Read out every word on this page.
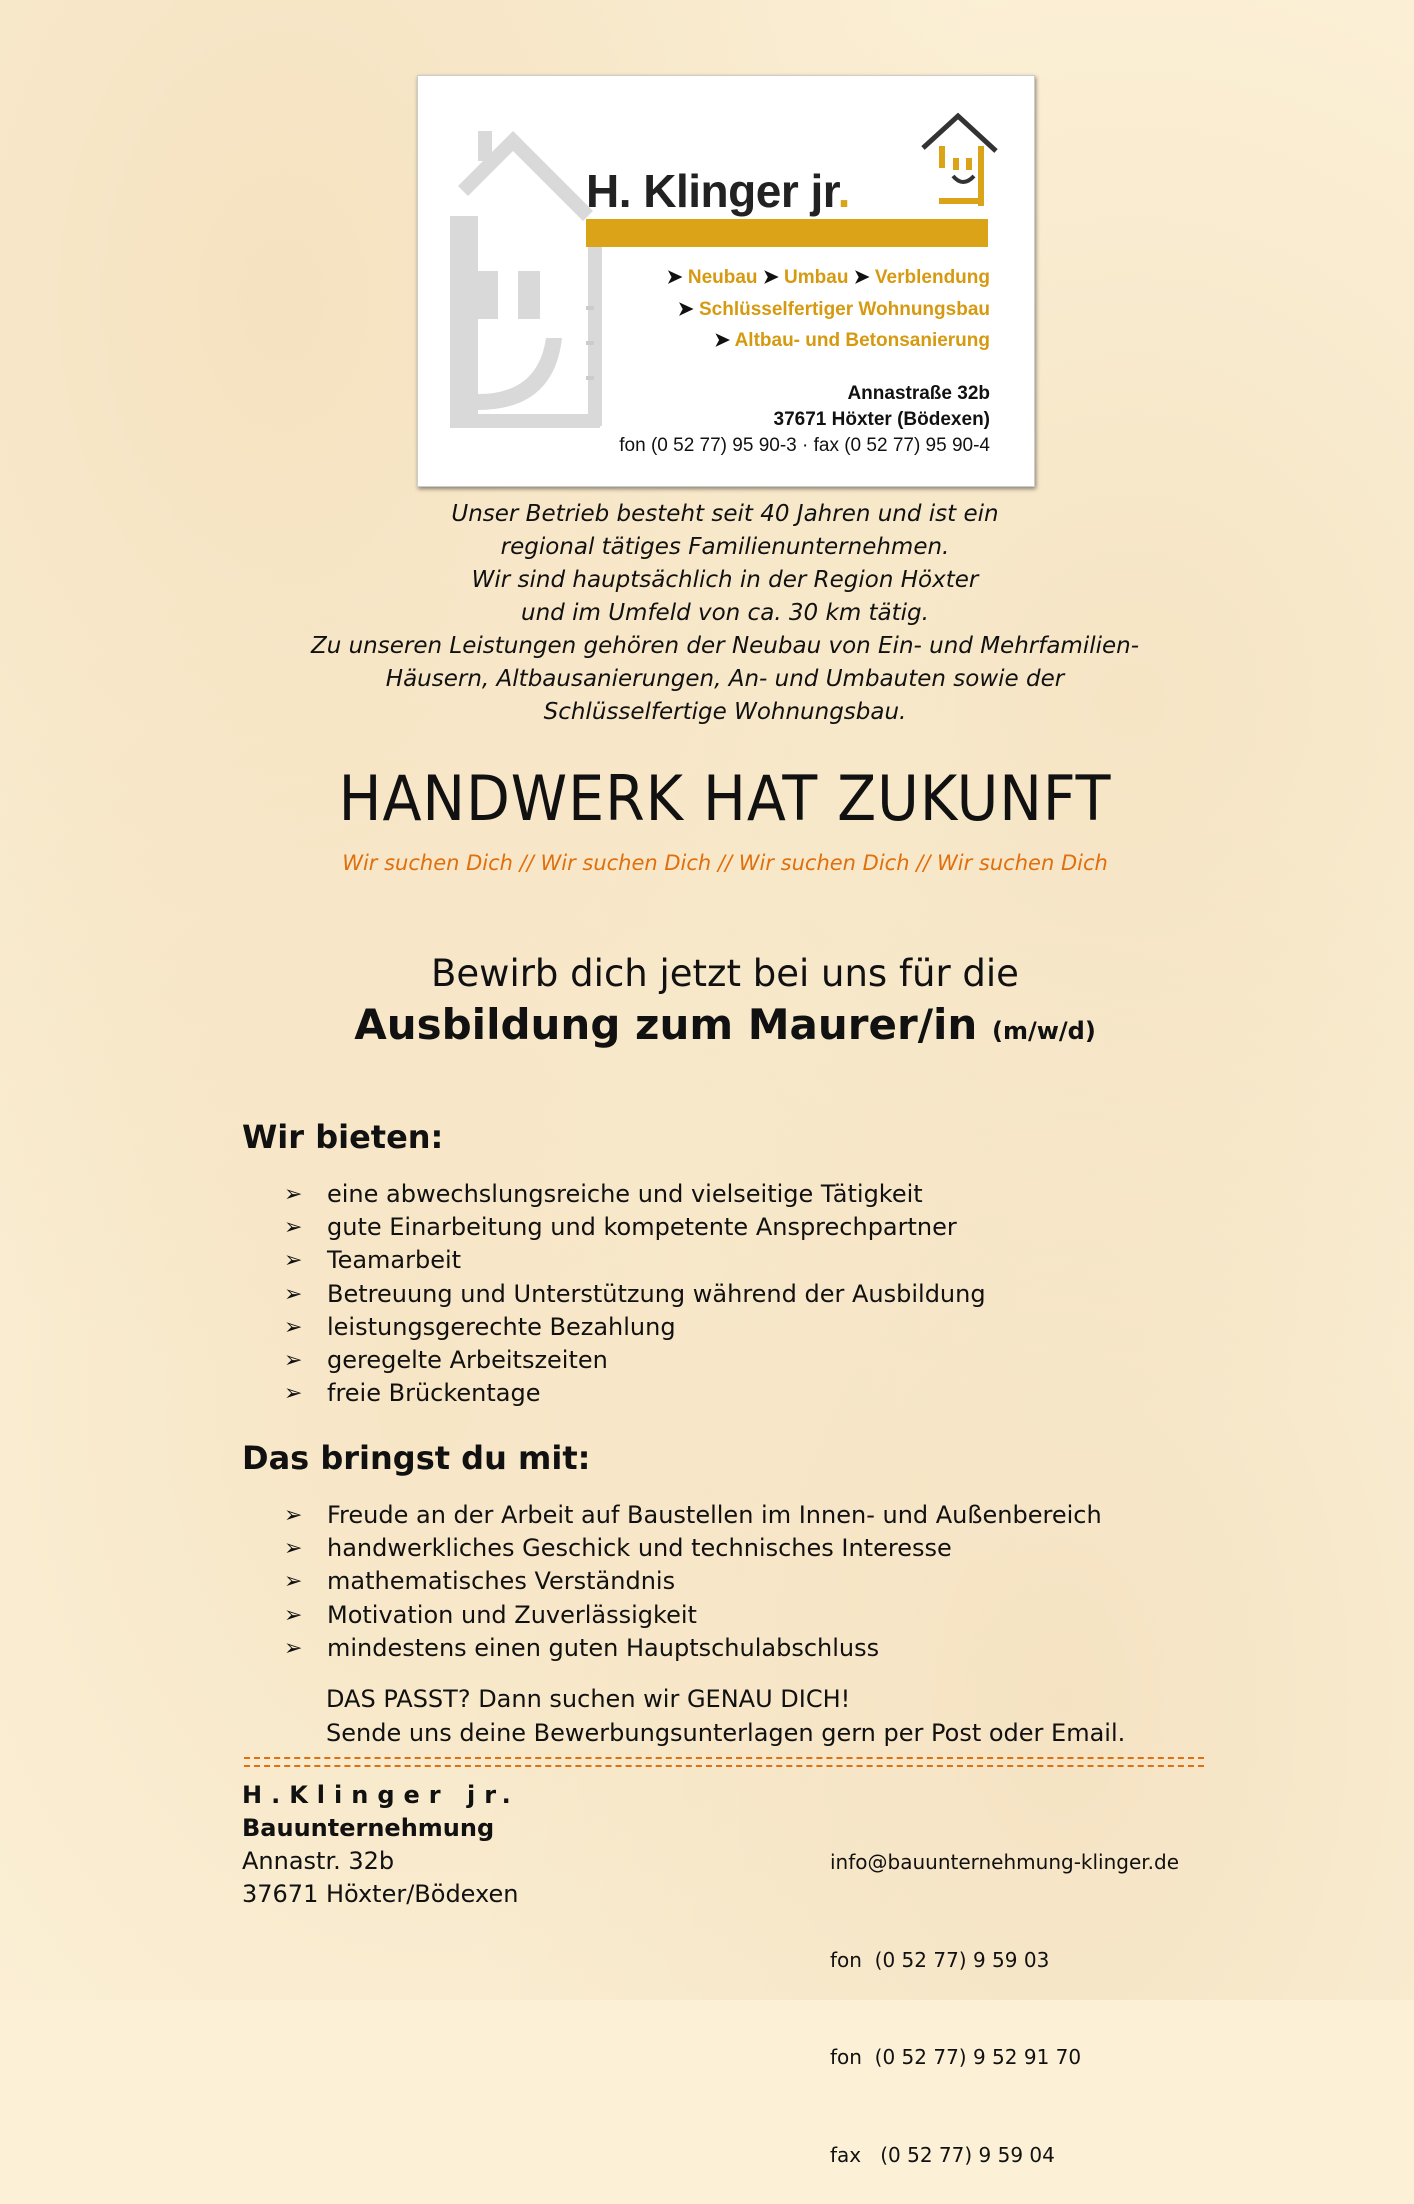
H. Klinger jr.
➤ Neubau ➤ Umbau ➤ Verblendung
➤ Schlüsselfertiger Wohnungsbau
➤ Altbau- und Betonsanierung
Annastraße 32b
37671 Höxter (Bödexen)
fon (0 52 77) 95 90-3 · fax (0 52 77) 95 90-4
Unser Betrieb besteht seit 40 Jahren und ist ein
regional tätiges Familienunternehmen.
Wir sind hauptsächlich in der Region Höxter
und im Umfeld von ca. 30 km tätig.
Zu unseren Leistungen gehören der Neubau von Ein- und Mehrfamilien-
Häusern, Altbausanierungen, An- und Umbauten sowie der
Schlüsselfertige Wohnungsbau.
HANDWERK HAT ZUKUNFT
Wir suchen Dich // Wir suchen Dich // Wir suchen Dich // Wir suchen Dich
Bewirb dich jetzt bei uns für die
Ausbildung zum Maurer/in (m/w/d)
Wir bieten:
➢ eine abwechslungsreiche und vielseitige Tätigkeit
➢ gute Einarbeitung und kompetente Ansprechpartner
➢ Teamarbeit
➢ Betreuung und Unterstützung während der Ausbildung
➢ leistungsgerechte Bezahlung
➢ geregelte Arbeitszeiten
➢ freie Brückentage
Das bringst du mit:
➢ Freude an der Arbeit auf Baustellen im Innen- und Außenbereich
➢ handwerkliches Geschick und technisches Interesse
➢ mathematisches Verständnis
➢ Motivation und Zuverlässigkeit
➢ mindestens einen guten Hauptschulabschluss
DAS PASST? Dann suchen wir GENAU DICH!
Sende uns deine Bewerbungsunterlagen gern per Post oder Email.
H.Klinger jr.
Bauunternehmung
Annastr. 32b
37671 Höxter/Bödexen

info@bauunternehmung-klinger.de

fon  (0 52 77) 9 59 03

fon  (0 52 77) 9 52 91 70

fax   (0 52 77) 9 59 04
